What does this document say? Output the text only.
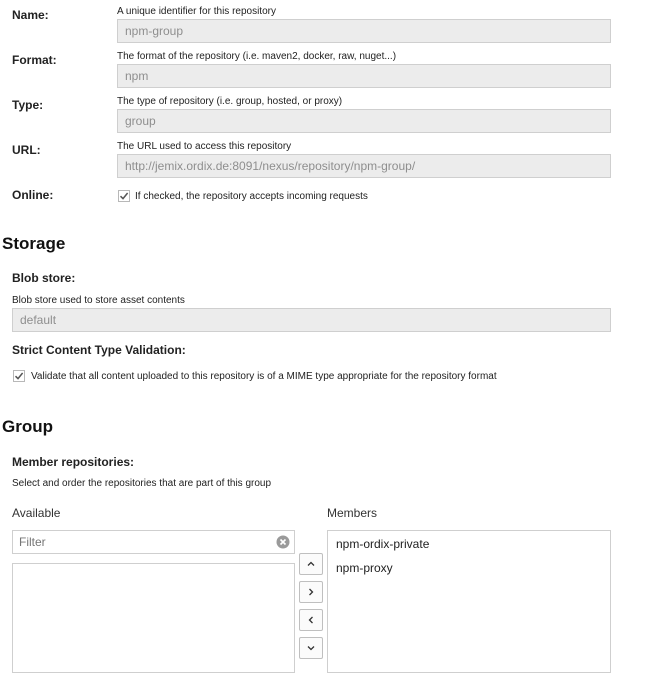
Name:	A unique identifier for this repository
npm-group
Format:	The format of the repository (i.e. maven2, docker, raw, nuget...)
npm
Type:	The type of repository (i.e. group, hosted, or proxy)
group
URL:	The URL used to access this repository
http://jemix.ordix.de:8091/nexus/repository/npm-group/
Online:	If checked, the repository accepts incoming requests
Storage
Blob store:
Blob store used to store asset contents
default
Strict Content Type Validation:
Validate that all content uploaded to this repository is of a MIME type appropriate for the repository format
Group
Member repositories:
Select and order the repositories that are part of this group
Available	Members
Filter
npm-ordix-private
npm-proxy
